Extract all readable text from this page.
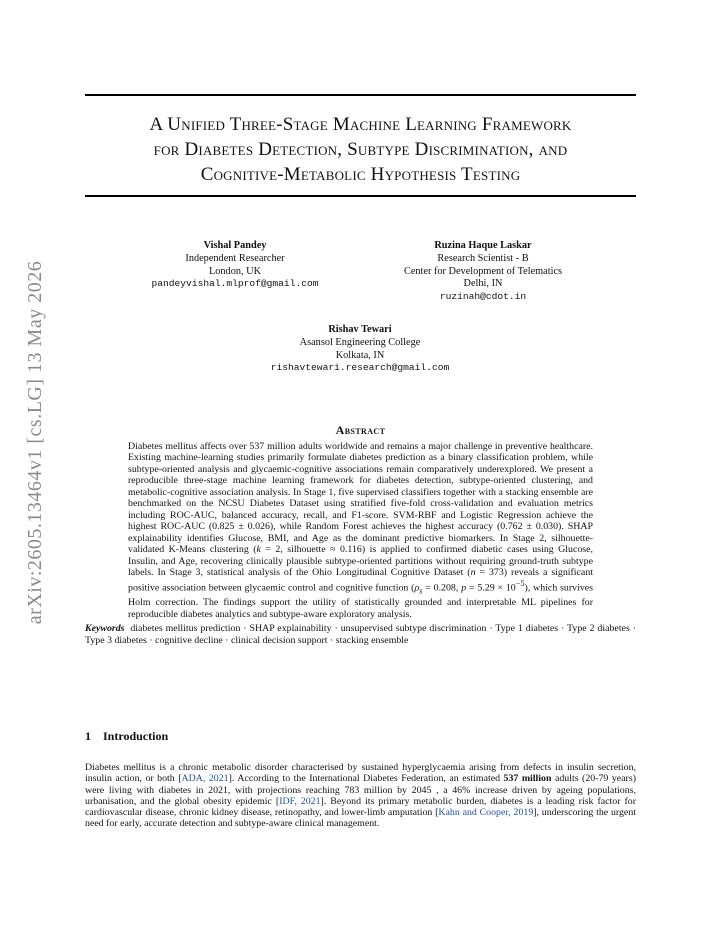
arXiv:2605.13464v1 [cs.LG] 13 May 2026
A Unified Three-Stage Machine Learning Framework
for Diabetes Detection, Subtype Discrimination, and
Cognitive-Metabolic Hypothesis Testing
Vishal Pandey
Independent Researcher
London, UK
pandeyvishal.mlprof@gmail.com
Ruzina Haque Laskar
Research Scientist - B
Center for Development of Telematics
Delhi, IN
ruzinah@cdot.in
Rishav Tewari
Asansol Engineering College
Kolkata, IN
rishavtewari.research@gmail.com
Abstract

Diabetes mellitus affects over 537 million adults worldwide and remains a major challenge in preventive healthcare. Existing machine-learning studies primarily formulate diabetes prediction as a binary classification problem, while subtype-oriented analysis and glycaemic-cognitive associations remain comparatively underexplored. We present a reproducible three-stage machine learning framework for diabetes detection, subtype-oriented clustering, and metabolic-cognitive association analysis. In Stage 1, five supervised classifiers together with a stacking ensemble are benchmarked on the NCSU Diabetes Dataset using stratified five-fold cross-validation and evaluation metrics including ROC-AUC, balanced accuracy, recall, and F1-score. SVM-RBF and Logistic Regression achieve the highest ROC-AUC (0.825 ± 0.026), while Random Forest achieves the highest accuracy (0.762 ± 0.030). SHAP explainability identifies Glucose, BMI, and Age as the dominant predictive biomarkers. In Stage 2, silhouette-validated K-Means clustering (k = 2, silhouette ≈ 0.116) is applied to confirmed diabetic cases using Glucose, Insulin, and Age, recovering clinically plausible subtype-oriented partitions without requiring ground-truth subtype labels. In Stage 3, statistical analysis of the Ohio Longitudinal Cognitive Dataset (n = 373) reveals a significant positive association between glycaemic control and cognitive function ($\rho_s = 0.208$, $p = 5.29 \times 10^{-5}$), which survives Holm correction. The findings support the utility of statistically grounded and interpretable ML pipelines for reproducible diabetes analytics and subtype-aware exploratory analysis.

Keywords diabetes mellitus prediction · SHAP explainability · unsupervised subtype discrimination · Type 1 diabetes · Type 2 diabetes · Type 3 diabetes · cognitive decline · clinical decision support · stacking ensemble
1 Introduction

Diabetes mellitus is a chronic metabolic disorder characterised by sustained hyperglycaemia arising from defects in insulin secretion, insulin action, or both [ADA, 2021]. According to the International Diabetes Federation, an estimated 537 million adults (20-79 years) were living with diabetes in 2021, with projections reaching 783 million by 2045 , a 46% increase driven by ageing populations, urbanisation, and the global obesity epidemic [IDF, 2021]. Beyond its primary metabolic burden, diabetes is a leading risk factor for cardiovascular disease, chronic kidney disease, retinopathy, and lower-limb amputation [Kahn and Cooper, 2019], underscoring the urgent need for early, accurate detection and subtype-aware clinical management.
